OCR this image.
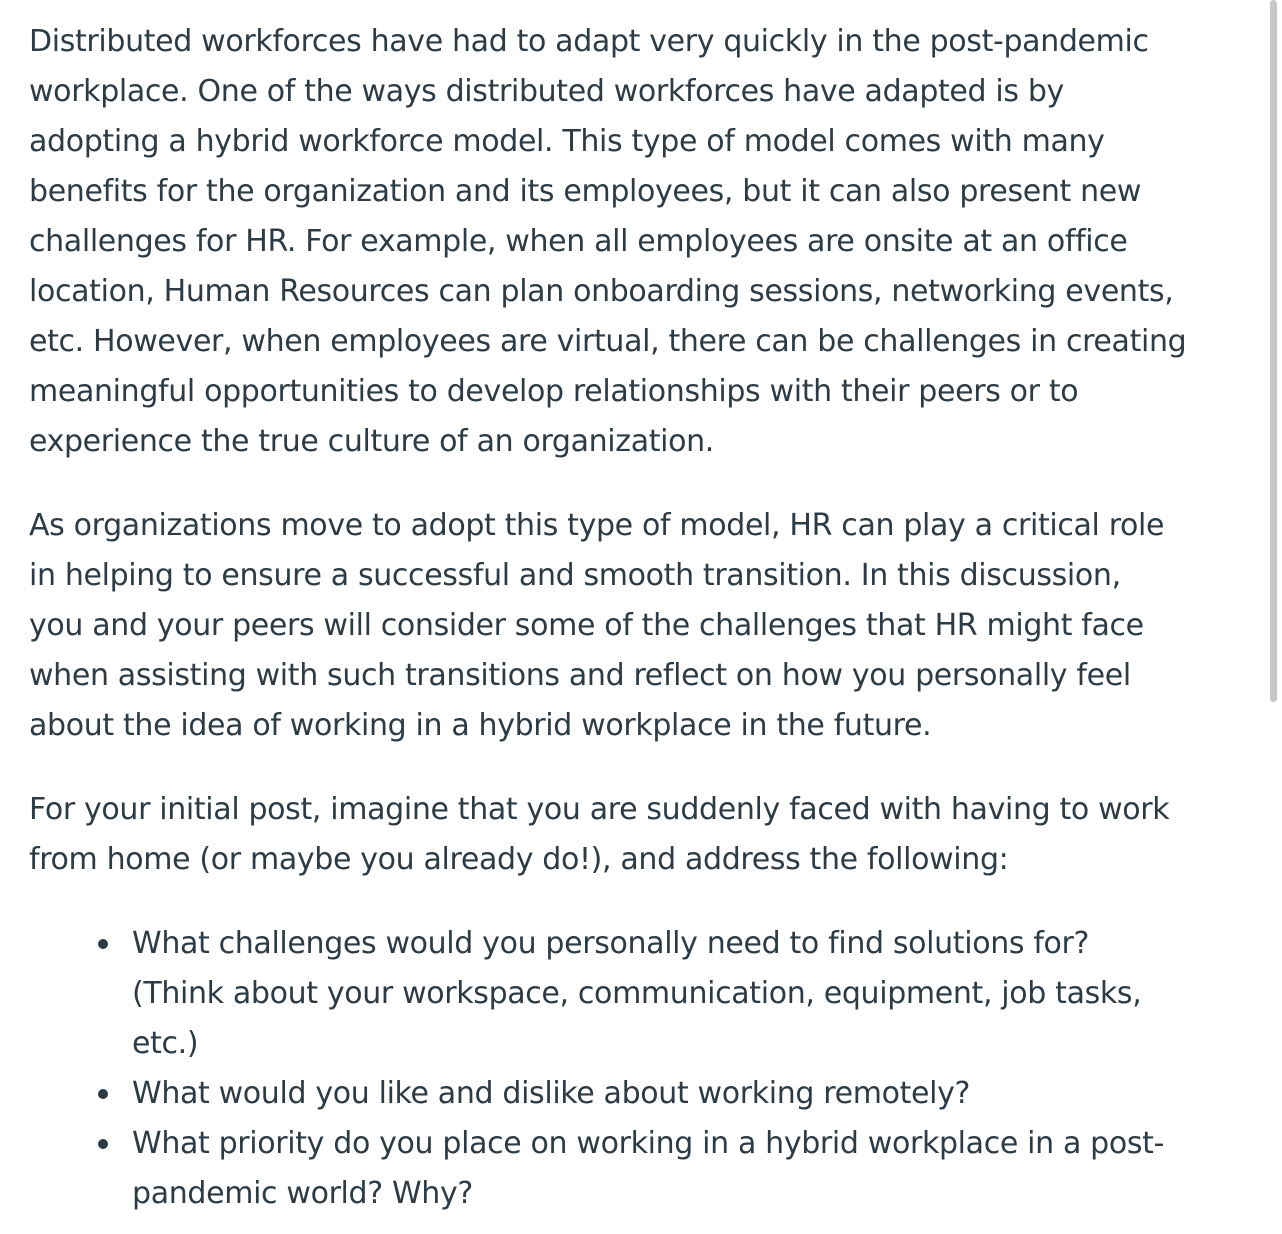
Distributed workforces have had to adapt very quickly in the post-pandemic
workplace. One of the ways distributed workforces have adapted is by
adopting a hybrid workforce model. This type of model comes with many
benefits for the organization and its employees, but it can also present new
challenges for HR. For example, when all employees are onsite at an office
location, Human Resources can plan onboarding sessions, networking events,
etc. However, when employees are virtual, there can be challenges in creating
meaningful opportunities to develop relationships with their peers or to
experience the true culture of an organization.

As organizations move to adopt this type of model, HR can play a critical role
in helping to ensure a successful and smooth transition. In this discussion,
you and your peers will consider some of the challenges that HR might face
when assisting with such transitions and reflect on how you personally feel
about the idea of working in a hybrid workplace in the future.

For your initial post, imagine that you are suddenly faced with having to work
from home (or maybe you already do!), and address the following:

What challenges would you personally need to find solutions for?
(Think about your workspace, communication, equipment, job tasks,
etc.)
What would you like and dislike about working remotely?
What priority do you place on working in a hybrid workplace in a post-
pandemic world? Why?
